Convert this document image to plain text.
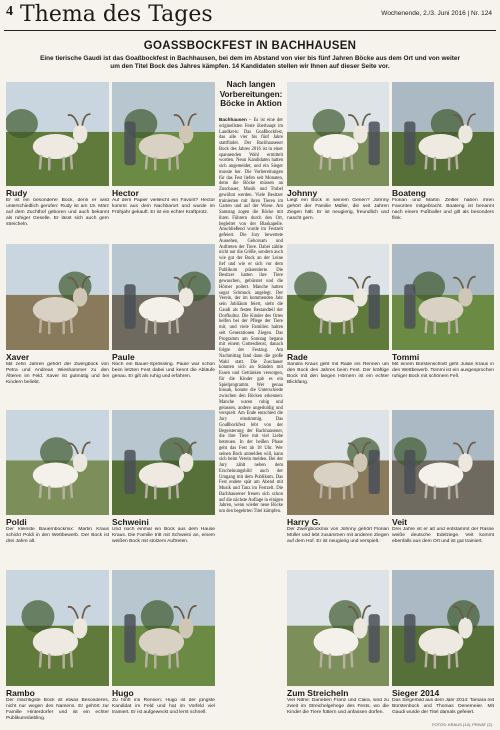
4 Thema des Tages	Wochenende, 2./3. Juni 2016 | Nr. 124
GOASSBOCKFEST IN BACHHAUSEN
Eine tierische Gaudi ist das Goaßbockfest in Bachhausen, bei dem im Abstand von vier bis fünf Jahren Böcke aus dem Ort und von weiter um den Titel Bock des Jahres kämpfen. 14 Kandidaten stellen wir Ihnen auf dieser Seite vor.
Nach langen Vorbereitungen: Böcke in Aktion
Bachhausen – Es ist eine der originellsten Feste überhaupt im Landkreis: Das Goaßbockfest, das alle vier bis fünf Jahre stattfindet. Der Bachhausener Bock des Jahres 2016 ist in einer spannenden Wahl ermittelt worden. Neun Kandidaten hatten sich angemeldet, und ein Sieger musste her. Die Vorbereitungen für das Fest liefen seit Monaten, denn die Böcke müssen an Zuschauer, Musik und Trubel gewöhnt werden. Viele Besitzer trainierten mit ihren Tieren im Garten und auf der Wiese. Am Samstag zogen die Böcke mit ihren Führern durch den Ort, begleitet von der Blaskapelle. Anschließend wurde im Festzelt gefeiert. Die Jury bewertete Aussehen, Gehorsam und Auftreten der Tiere. Dabei zählte nicht nur die Größe, sondern auch wie gut der Bock an der Leine lief und wie er sich vor dem Publikum präsentierte. Die Besitzer hatten ihre Tiere gewaschen, gebürstet und die Hörner poliert. Manche hatten sogar Schmuck angelegt. Der Verein, der im kommenden Jahr sein Jubiläum feiert, sieht die Gaudi als festen Bestandteil der Dorfkultur. Die Kinder des Ortes helfen bei der Pflege der Tiere mit, und viele Familien halten seit Generationen Ziegen. Das Programm am Sonntag begann mit einem Gottesdienst, danach folgte der Festzug. Am Nachmittag fand dann die große Wahl statt. Die Zuschauer konnten sich an Ständen mit Essen und Getränken versorgen, für die Kinder gab es ein Spielprogramm. Wer genau hinsah, konnte die Unterschiede zwischen den Böcken erkennen: Manche waren ruhig und gelassen, andere ungeduldig und verspielt. Am Ende entschied die Jury einstimmig. Das Goaßbockfest lebt von der Begeisterung der Bachhausener, die ihre Tiere mit viel Liebe betreuen. In der heißen Phase geht das Fest ab 18 Uhr. Wer seinen Bock anmelden will, kann sich beim Verein melden. Bei der Jury zählt neben dem Erscheinungsbild auch der Umgang mit dem Publikum. Das Fest endete spät am Abend mit Musik und Tanz im Festzelt. Die Bachhausener freuen sich schon auf die nächste Auflage in einigen Jahren, wenn wieder neue Böcke um den begehrten Titel kämpfen.
Rudy
Er ist ein besonderer Bock, denn er wird unterschiedlich gerufen: Rudy ist am 19. März auf dem Zuchthof geboren und auch bekannt als ruhiger Geselle. Er lässt sich auch gern streicheln.
Hector
Auf dem Papier vielleicht ein Favorit? Hector kommt aus dem Nachbarort und wurde im Frühjahr gekauft. Er ist ein echter Kraftprotz.
Johnny
Liegt ein Bock in seinem Genen? Johnny gehört der Familie Müller, die seit Jahren Ziegen hält. Er ist neugierig, freundlich und nascht gern.
Boateng
Florian und Martin Zeitler haben ihren Favoriten mitgebracht. Boateng ist benannt nach einem Fußballer und gilt als besonders flink.
Xaver
Mit zehn Jahren gehört der Zwergbock von Petra und Andreas Wieshammer zu den Älteren im Feld. Xaver ist gutmütig und bei Kindern beliebt.
Paule
Noch ein Bauer-Sprössling. Paule war schon beim letzten Fest dabei und kennt die Abläufe genau. Er gilt als ruhig und erfahren.
Rade
Sandra Kraus geht mit Rade ins Rennen um den Bock des Jahres beim Fest. Der kräftige Bock mit den langen Hörnern ist ein echter Blickfang.
Tommi
Mit einem Bürstenschnitt geht Julian Kraus in den Wettbewerb. Tommi ist ein ausgesprochen ruhiger Bock mit schönem Fell.
Poldi
Der kleinste Bauernbockmix: Martin Kraus schickt Poldi in den Wettbewerb. Der Bock ist drei Jahre alt.
Schweini
Und noch einmal ein Bock aus dem Hause Kraus. Die Familie tritt mit Schweini an, einem weißen Bock mit stolzem Auftreten.
Harry G.
Der Zwergbockmix von Johnny gehört Florian Müller und lebt zusammen mit anderen Ziegen auf dem Hof. Er ist neugierig und verspielt.
Veit
Drei Jahre ist er alt und entstammt der Rasse weiße deutsche Edelziege. Veit kommt ebenfalls aus dem Ort und ist gut trainiert.
Rambo
Der mächtigste Bock ist etwas Besonderes, nicht nur wegen des Namens. Er gehört zur Familie Hinterdorfer und ist ein echter Publikumsliebling.
Hugo
Zu fünft ins Rennen: Hugo ist der jüngste Kandidat im Feld und hat im Vorfeld viel trainiert. Er ist aufgeweckt und lernt schnell.
Zum Streicheln
Viel Nähe: Daneben Franz und Clara, sind zu zweit im Streichelgehege des Fests, wo die Kinder die Tiere füttern und anfassen dürfen.
Sieger 2014
Das Siegerbild aus dem Jahr 2014: Tamara mit Bürstenbock und Thomas Denemeier. Mit Gaudi wurde der Titel damals gefeiert.
FOTOS: KRAUS (14), PRIVAT (2)
